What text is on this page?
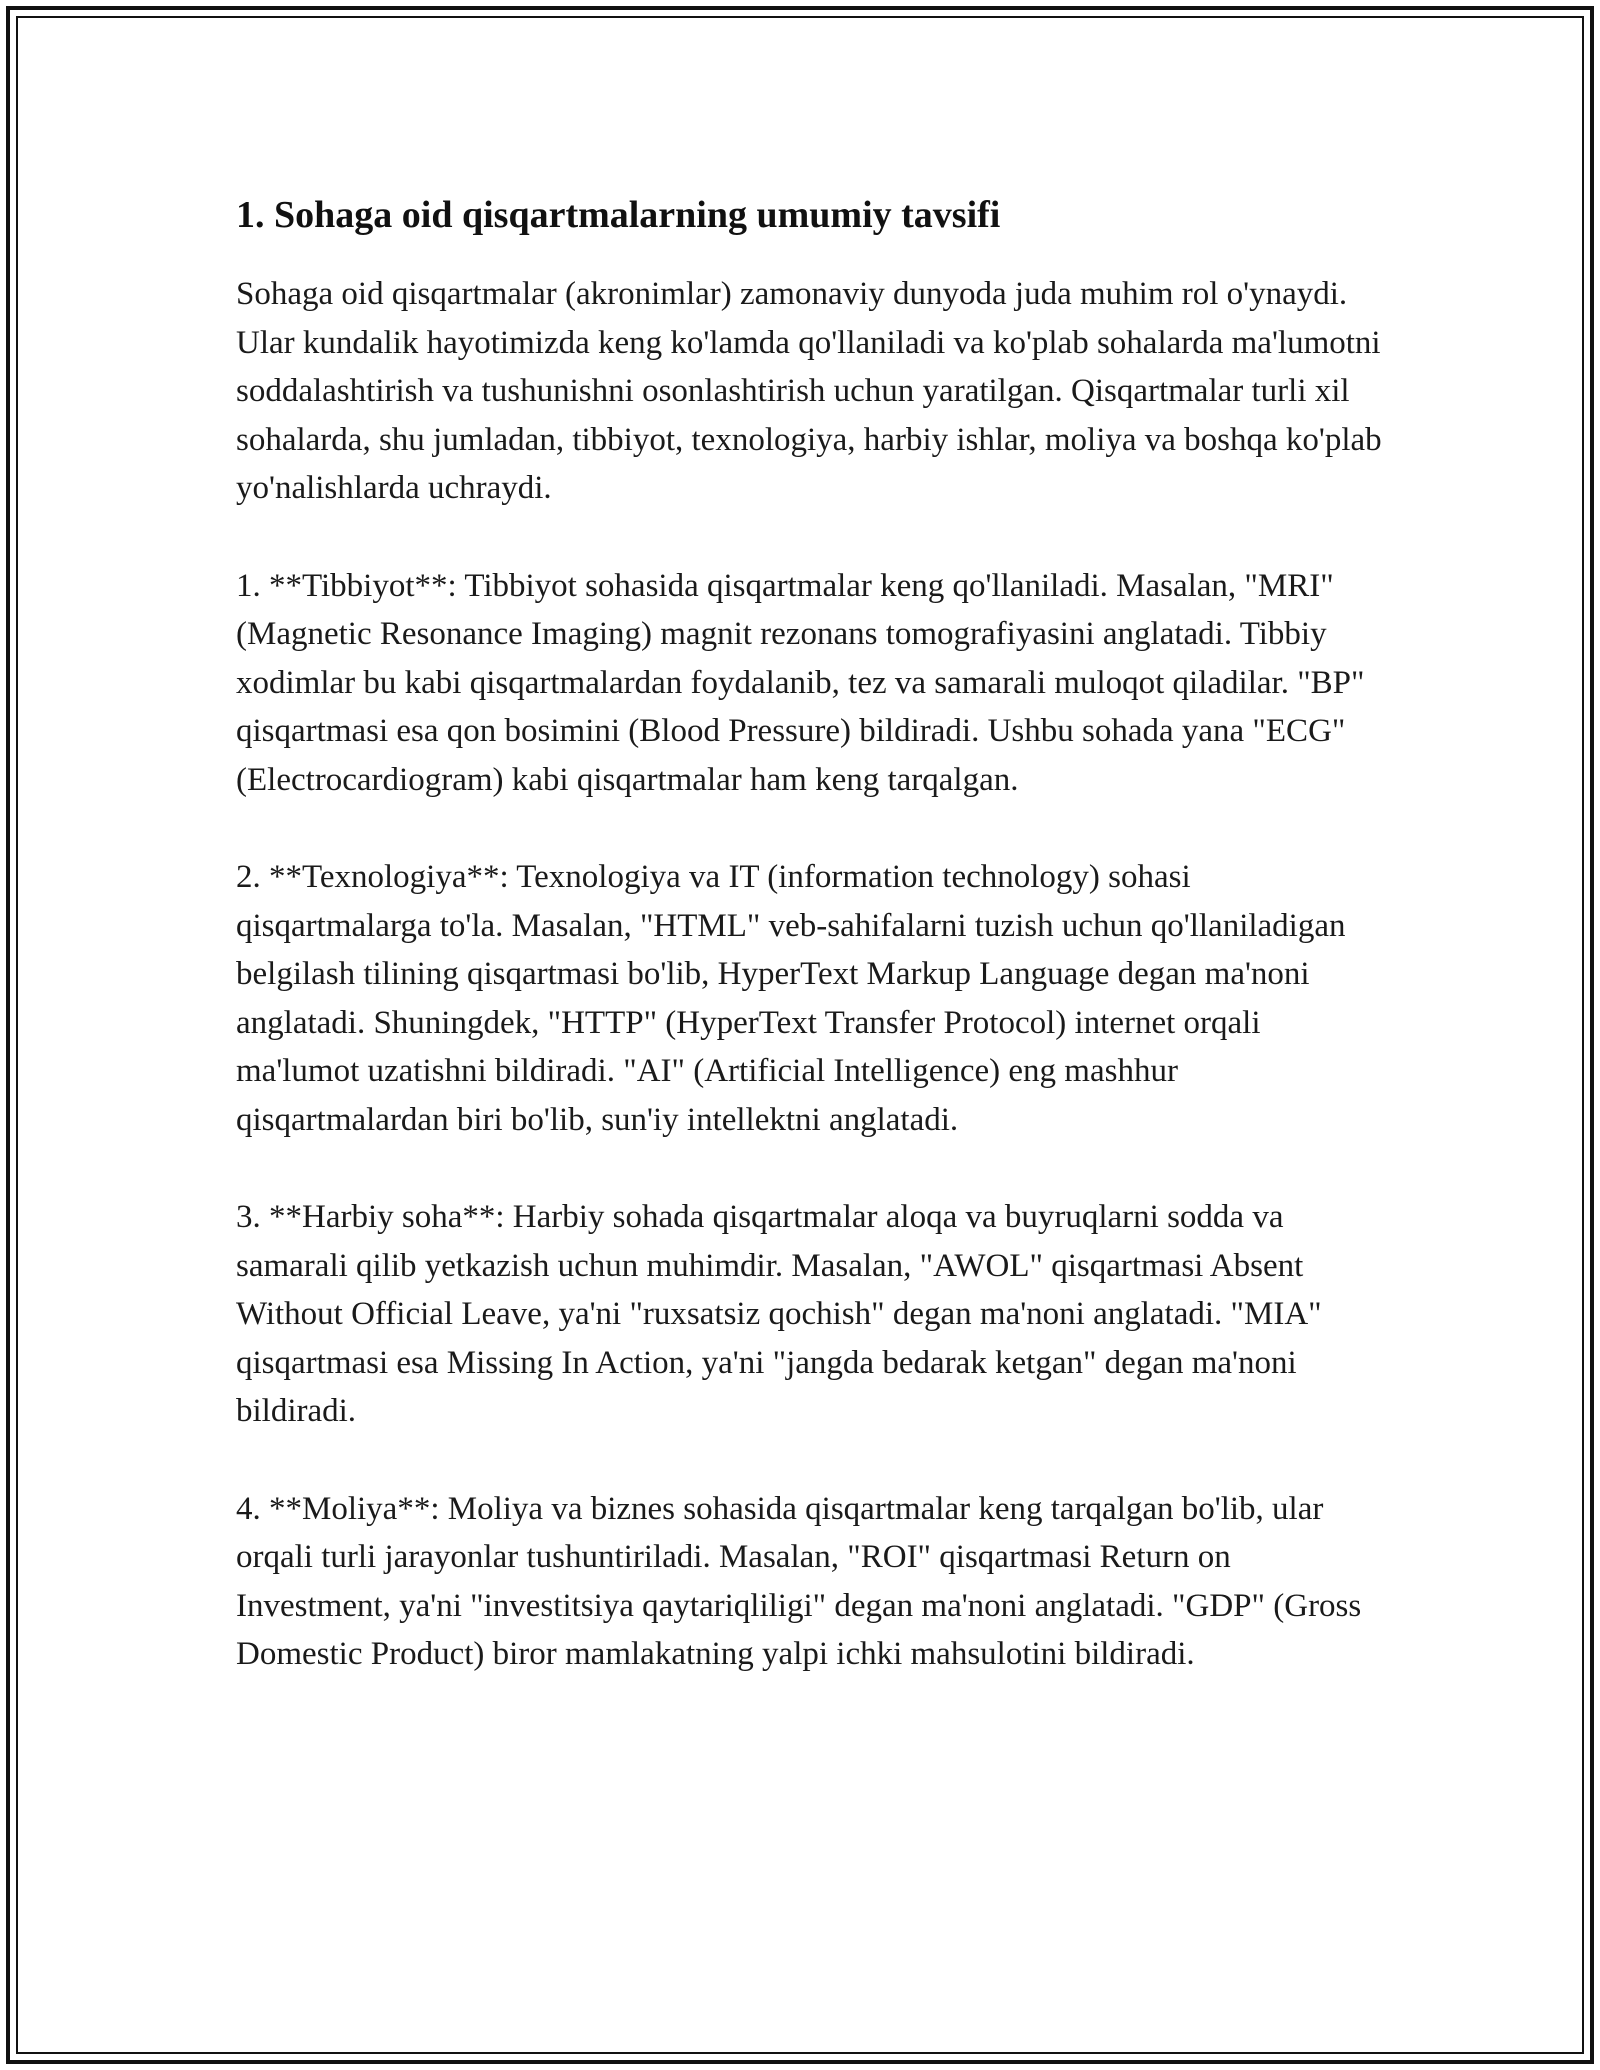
1. Sohaga oid qisqartmalarning umumiy tavsifi

Sohaga oid qisqartmalar (akronimlar) zamonaviy dunyoda juda muhim rol o'ynaydi. Ular kundalik hayotimizda keng ko'lamda qo'llaniladi va ko'plab sohalarda ma'lumotni soddalashtirish va tushunishni osonlashtirish uchun yaratilgan. Qisqartmalar turli xil sohalarda, shu jumladan, tibbiyot, texnologiya, harbiy ishlar, moliya va boshqa ko'plab yo'nalishlarda uchraydi.

1. **Tibbiyot**: Tibbiyot sohasida qisqartmalar keng qo'llaniladi. Masalan, "MRI" (Magnetic Resonance Imaging) magnit rezonans tomografiyasini anglatadi. Tibbiy xodimlar bu kabi qisqartmalardan foydalanib, tez va samarali muloqot qiladilar. "BP" qisqartmasi esa qon bosimini (Blood Pressure) bildiradi. Ushbu sohada yana "ECG" (Electrocardiogram) kabi qisqartmalar ham keng tarqalgan.

2. **Texnologiya**: Texnologiya va IT (information technology) sohasi qisqartmalarga to'la. Masalan, "HTML" veb-sahifalarni tuzish uchun qo'llaniladigan belgilash tilining qisqartmasi bo'lib, HyperText Markup Language degan ma'noni anglatadi. Shuningdek, "HTTP" (HyperText Transfer Protocol) internet orqali ma'lumot uzatishni bildiradi. "AI" (Artificial Intelligence) eng mashhur qisqartmalardan biri bo'lib, sun'iy intellektni anglatadi.

3. **Harbiy soha**: Harbiy sohada qisqartmalar aloqa va buyruqlarni sodda va samarali qilib yetkazish uchun muhimdir. Masalan, "AWOL" qisqartmasi Absent Without Official Leave, ya'ni "ruxsatsiz qochish" degan ma'noni anglatadi. "MIA" qisqartmasi esa Missing In Action, ya'ni "jangda bedarak ketgan" degan ma'noni bildiradi.

4. **Moliya**: Moliya va biznes sohasida qisqartmalar keng tarqalgan bo'lib, ular orqali turli jarayonlar tushuntiriladi. Masalan, "ROI" qisqartmasi Return on Investment, ya'ni "investitsiya qaytariqliligi" degan ma'noni anglatadi. "GDP" (Gross Domestic Product) biror mamlakatning yalpi ichki mahsulotini bildiradi.
